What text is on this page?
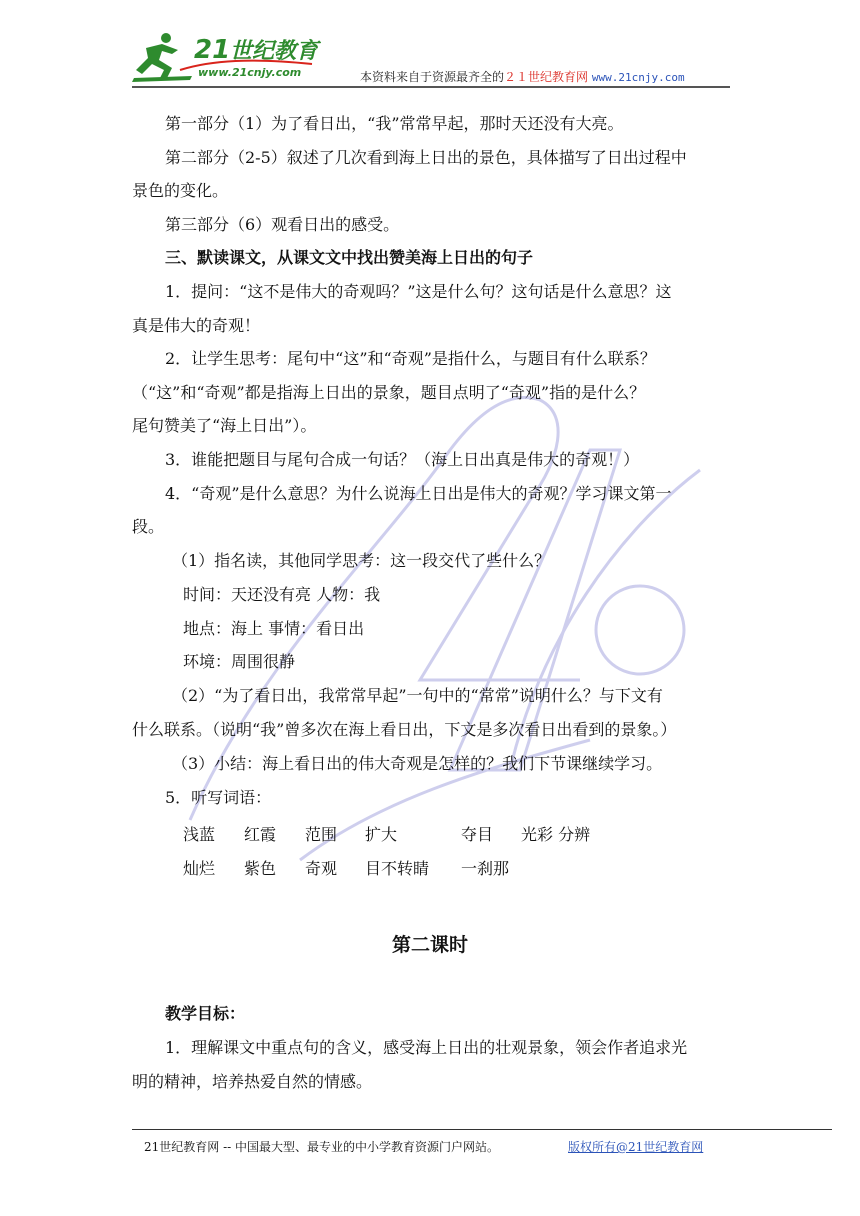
21 世纪教育
www.21cnjy.com	本资料来自于资源最齐全的２１世纪教育网 www.21cnjy.com
第一部分（1）为了看日出，“我”常常早起，那时天还没有大亮。
第二部分（2-5）叙述了几次看到海上日出的景色，具体描写了日出过程中
景色的变化。
第三部分（6）观看日出的感受。
三、默读课文，从课文文中找出赞美海上日出的句子
1．提问：“这不是伟大的奇观吗？”这是什么句？这句话是什么意思？这
真是伟大的奇观！
2．让学生思考：尾句中“这”和“奇观”是指什么，与题目有什么联系？
（“这”和“奇观”都是指海上日出的景象，题目点明了“奇观”指的是什么？
尾句赞美了“海上日出”）。
3．谁能把题目与尾句合成一句话？（海上日出真是伟大的奇观！）
4．“奇观”是什么意思？为什么说海上日出是伟大的奇观？学习课文第一
段。
（1）指名读，其他同学思考：这一段交代了些什么？
时间：天还没有亮 人物：我
地点：海上 事情：看日出
环境：周围很静
（2）“为了看日出，我常常早起”一句中的“常常”说明什么？与下文有
什么联系。（说明“我”曾多次在海上看日出，下文是多次看日出看到的景象。）
（3）小结：海上看日出的伟大奇观是怎样的？我们下节课继续学习。
5．听写词语：
浅蓝 红霞 范围 扩大	夺目 光彩 分辨
灿烂 紫色 奇观 目不转睛 一刹那
第二课时
教学目标：
1．理解课文中重点句的含义，感受海上日出的壮观景象，领会作者追求光
明的精神，培养热爱自然的情感。
21世纪教育网 -- 中国最大型、最专业的中小学教育资源门户网站。	版权所有@21世纪教育网
